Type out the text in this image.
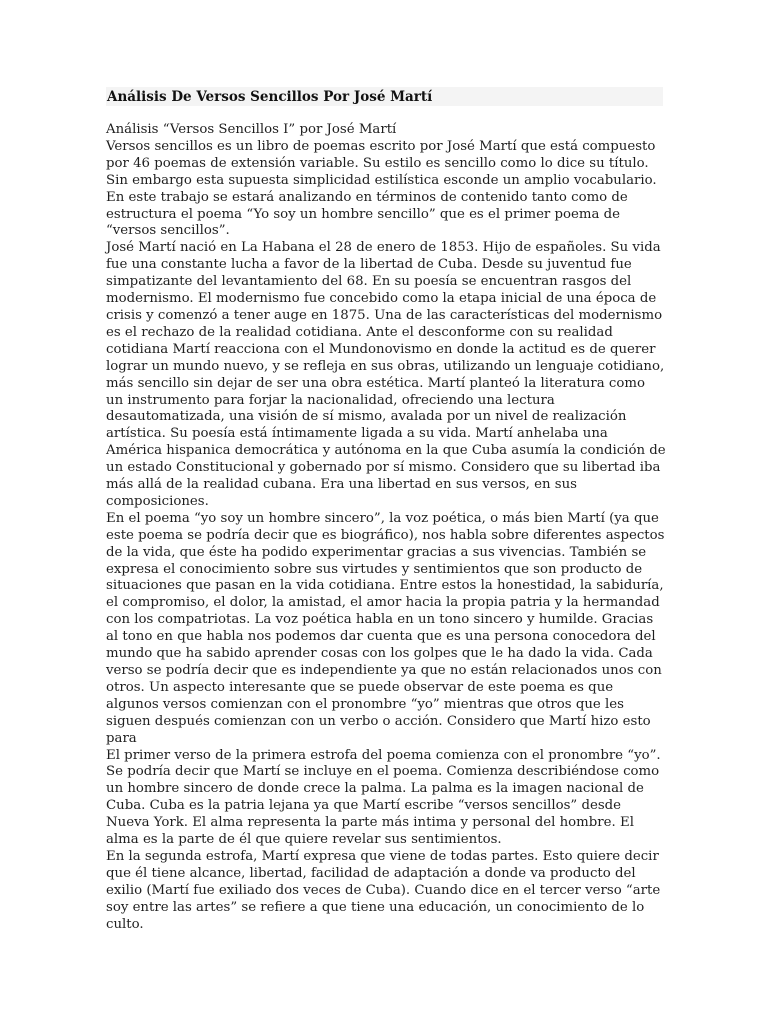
Análisis De Versos Sencillos Por José Martí

Análisis “Versos Sencillos I” por José Martí

Versos sencillos es un libro de poemas escrito por José Martí que está compuesto por 46 poemas de extensión variable. Su estilo es sencillo como lo dice su título. Sin embargo esta supuesta simplicidad estilística esconde un amplio vocabulario. En este trabajo se estará analizando en términos de contenido tanto como de estructura el poema “Yo soy un hombre sencillo” que es el primer poema de “versos sencillos”.

José Martí nació en La Habana el 28 de enero de 1853. Hijo de españoles. Su vida fue una constante lucha a favor de la libertad de Cuba. Desde su juventud fue simpatizante del levantamiento del 68. En su poesía se encuentran rasgos del modernismo. El modernismo fue concebido como la etapa inicial de una época de crisis y comenzó a tener auge en 1875. Una de las características del modernismo es el rechazo de la realidad cotidiana. Ante el desconforme con su realidad cotidiana Martí reacciona con el Mundonovismo en donde la actitud es de querer lograr un mundo nuevo, y se refleja en sus obras, utilizando un lenguaje cotidiano, más sencillo sin dejar de ser una obra estética. Martí planteó la literatura como un instrumento para forjar la nacionalidad, ofreciendo una lectura desautomatizada, una visión de sí mismo, avalada por un nivel de realización artística. Su poesía está íntimamente ligada a su vida. Martí anhelaba una América hispanica democrática y autónoma en la que Cuba asumía la condición de un estado Constitucional y gobernado por sí mismo. Considero que su libertad iba más allá de la realidad cubana. Era una libertad en sus versos, en sus composiciones.

En el poema “yo soy un hombre sincero”, la voz poética, o más bien Martí (ya que este poema se podría decir que es biográfico), nos habla sobre diferentes aspectos de la vida, que éste ha podido experimentar gracias a sus vivencias. También se expresa el conocimiento sobre sus virtudes y sentimientos que son producto de situaciones que pasan en la vida cotidiana. Entre estos la honestidad, la sabiduría, el compromiso, el dolor, la amistad, el amor hacia la propia patria y la hermandad con los compatriotas. La voz poética habla en un tono sincero y humilde. Gracias al tono en que habla nos podemos dar cuenta que es una persona conocedora del mundo que ha sabido aprender cosas con los golpes que le ha dado la vida. Cada verso se podría decir que es independiente ya que no están relacionados unos con otros. Un aspecto interesante que se puede observar de este poema es que algunos versos comienzan con el pronombre “yo” mientras que otros que les siguen después comienzan con un verbo o acción. Considero que Martí hizo esto para

El primer verso de la primera estrofa del poema comienza con el pronombre “yo”. Se podría decir que Martí se incluye en el poema. Comienza describiéndose como un hombre sincero de donde crece la palma. La palma es la imagen nacional de Cuba. Cuba es la patria lejana ya que Martí escribe “versos sencillos” desde Nueva York. El alma representa la parte más intima y personal del hombre. El alma es la parte de él que quiere revelar sus sentimientos.

En la segunda estrofa, Martí expresa que viene de todas partes. Esto quiere decir que él tiene alcance, libertad, facilidad de adaptación a donde va producto del exilio (Martí fue exiliado dos veces de Cuba). Cuando dice en el tercer verso “arte soy entre las artes” se refiere a que tiene una educación, un conocimiento de lo culto.
